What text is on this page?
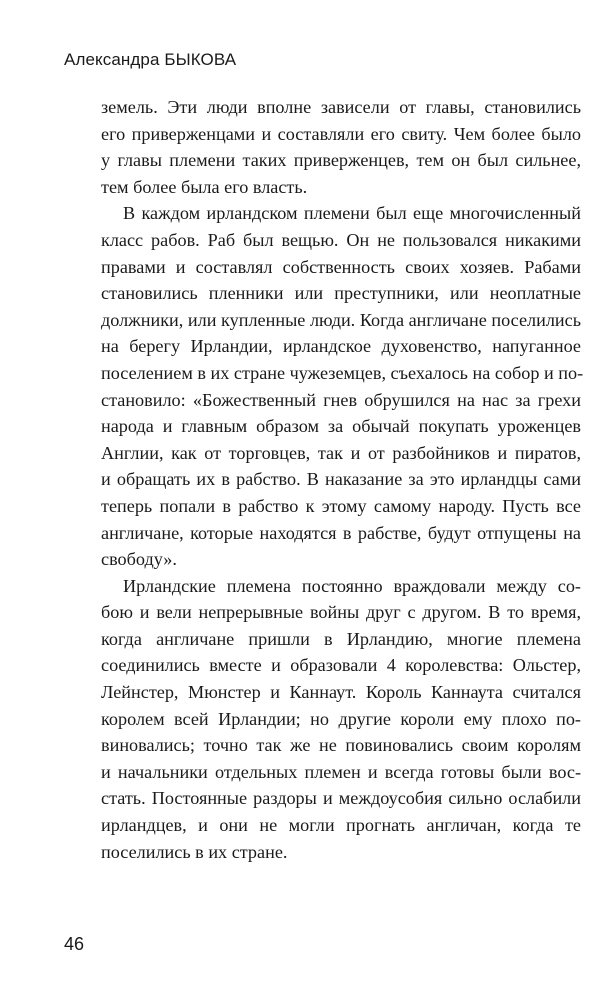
Александра БЫКОВА
земель. Эти люди вполне зависели от главы, становились
его приверженцами и составляли его свиту. Чем более было
у главы племени таких приверженцев, тем он был сильнее,
тем более была его власть.
В каждом ирландском племени был еще многочисленный
класс рабов. Раб был вещью. Он не пользовался никакими
правами и составлял собственность своих хозяев. Рабами
становились пленники или преступники, или неоплатные
должники, или купленные люди. Когда англичане поселились
на берегу Ирландии, ирландское духовенство, напуганное
поселением в их стране чужеземцев, съехалось на собор и по-
становило: «Божественный гнев обрушился на нас за грехи
народа и главным образом за обычай покупать уроженцев
Англии, как от торговцев, так и от разбойников и пиратов,
и обращать их в рабство. В наказание за это ирландцы сами
теперь попали в рабство к этому самому народу. Пусть все
англичане, которые находятся в рабстве, будут отпущены на
свободу».
Ирландские племена постоянно враждовали между со-
бою и вели непрерывные войны друг с другом. В то время,
когда англичане пришли в Ирландию, многие племена
соединились вместе и образовали 4 королевства: Ольстер,
Лейнстер, Мюнстер и Каннаут. Король Каннаута считался
королем всей Ирландии; но другие короли ему плохо по-
виновались; точно так же не повиновались своим королям
и начальники отдельных племен и всегда готовы были вос-
стать. Постоянные раздоры и междоусобия сильно ослабили
ирландцев, и они не могли прогнать англичан, когда те
поселились в их стране.
46
